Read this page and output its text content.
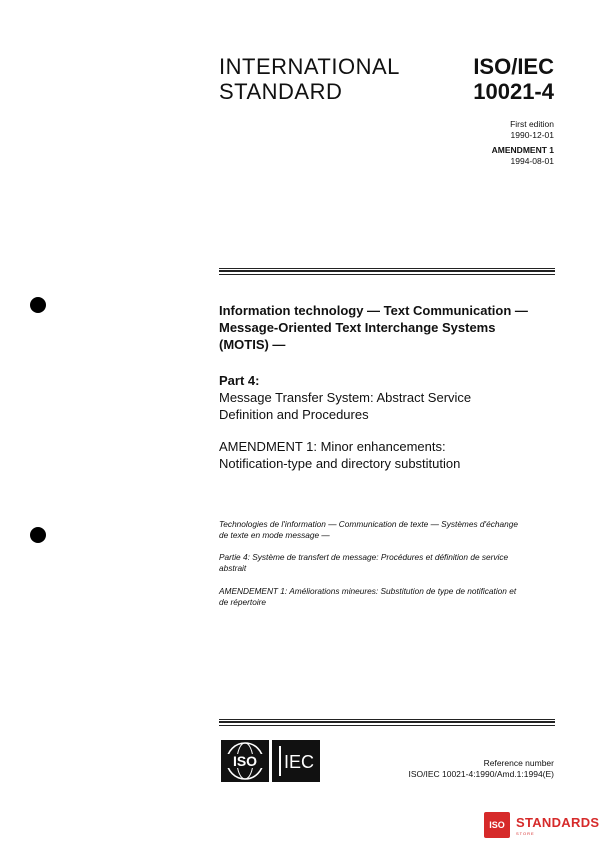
INTERNATIONAL
STANDARD
ISO/IEC
10021-4
First edition
1990-12-01
AMENDMENT 1
1994-08-01
Information technology — Text Communication —
Message-Oriented Text Interchange Systems
(MOTIS) —
Part 4:
Message Transfer System: Abstract Service
Definition and Procedures
AMENDMENT 1: Minor enhancements:
Notification-type and directory substitution
Technologies de l'information — Communication de texte — Systèmes d'échange
de texte en mode message —
Partie 4: Système de transfert de message: Procédures et définition de service
abstrait
AMENDEMENT 1: Améliorations mineures: Substitution de type de notification et
de répertoire
ISO IEC	Reference number
ISO/IEC 10021-4:1990/Amd.1:1994(E)
ISO STANDARDS
STORE
